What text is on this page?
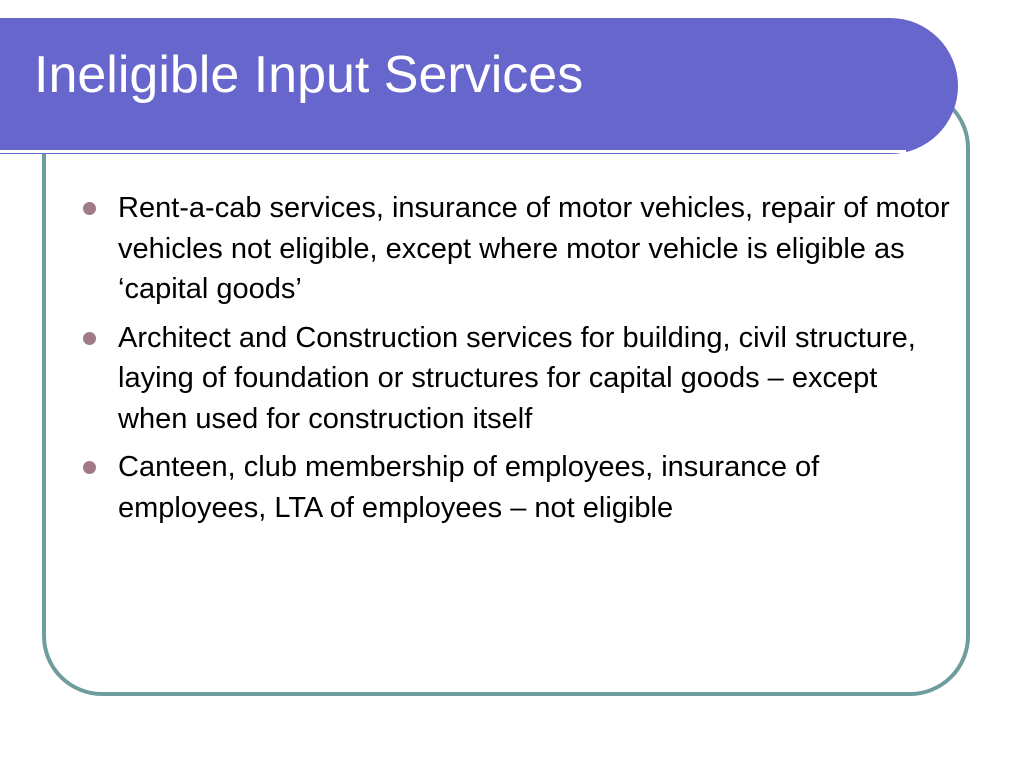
Ineligible Input Services
Rent-a-cab services, insurance of motor vehicles, repair of motor vehicles not eligible, except where motor vehicle is eligible as ‘capital goods’
Architect and Construction services for building, civil structure, laying of foundation or structures for capital goods – except when used for construction itself
Canteen, club membership of employees, insurance of employees, LTA of employees – not eligible
